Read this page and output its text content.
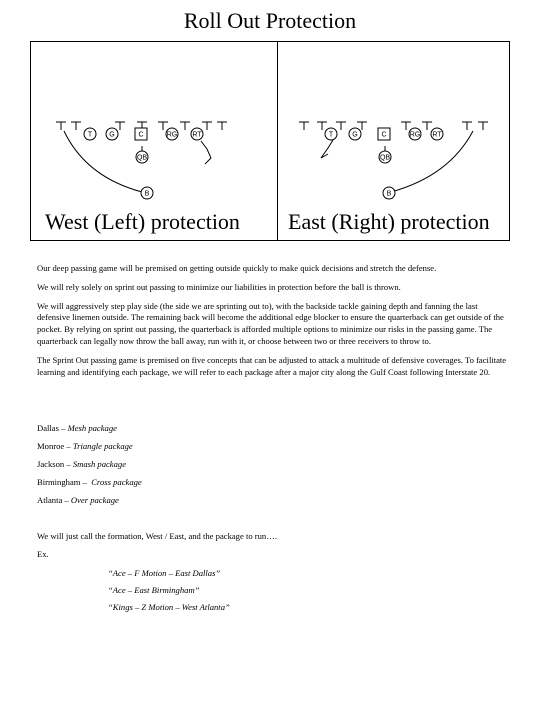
Roll Out Protection
T G	C	RG RT
QB
B
T	G	C	RG RT
QB
B
West (Left) protection East (Right) protection

Our deep passing game will be premised on getting outside quickly to make quick decisions and stretch the defense.

We will rely solely on sprint out passing to minimize our liabilities in protection before the ball is thrown.

We will aggressively step play side (the side we are sprinting out to), with the backside tackle gaining depth and fanning the last defensive linemen outside. The remaining back will become the additional edge blocker to ensure the quarterback can get outside of the pocket. By relying on sprint out passing, the quarterback is afforded multiple options to minimize our risks in the passing game. The quarterback can legally now throw the ball away, run with it, or choose between two or three receivers to throw to.

The Sprint Out passing game is premised on five concepts that can be adjusted to attack a multitude of defensive coverages. To facilitate learning and identifying each package, we will refer to each package after a major city along the Gulf Coast following Interstate 20.

Dallas – Mesh package
Monroe – Triangle package
Jackson – Smash package
Birmingham –  Cross package
Atlanta – Over package
We will just call the formation, West / East, and the package to run….
Ex.
“Ace – F Motion – East Dallas”
“Ace – East Birmingham”
“Kings – Z Motion – West Atlanta”
